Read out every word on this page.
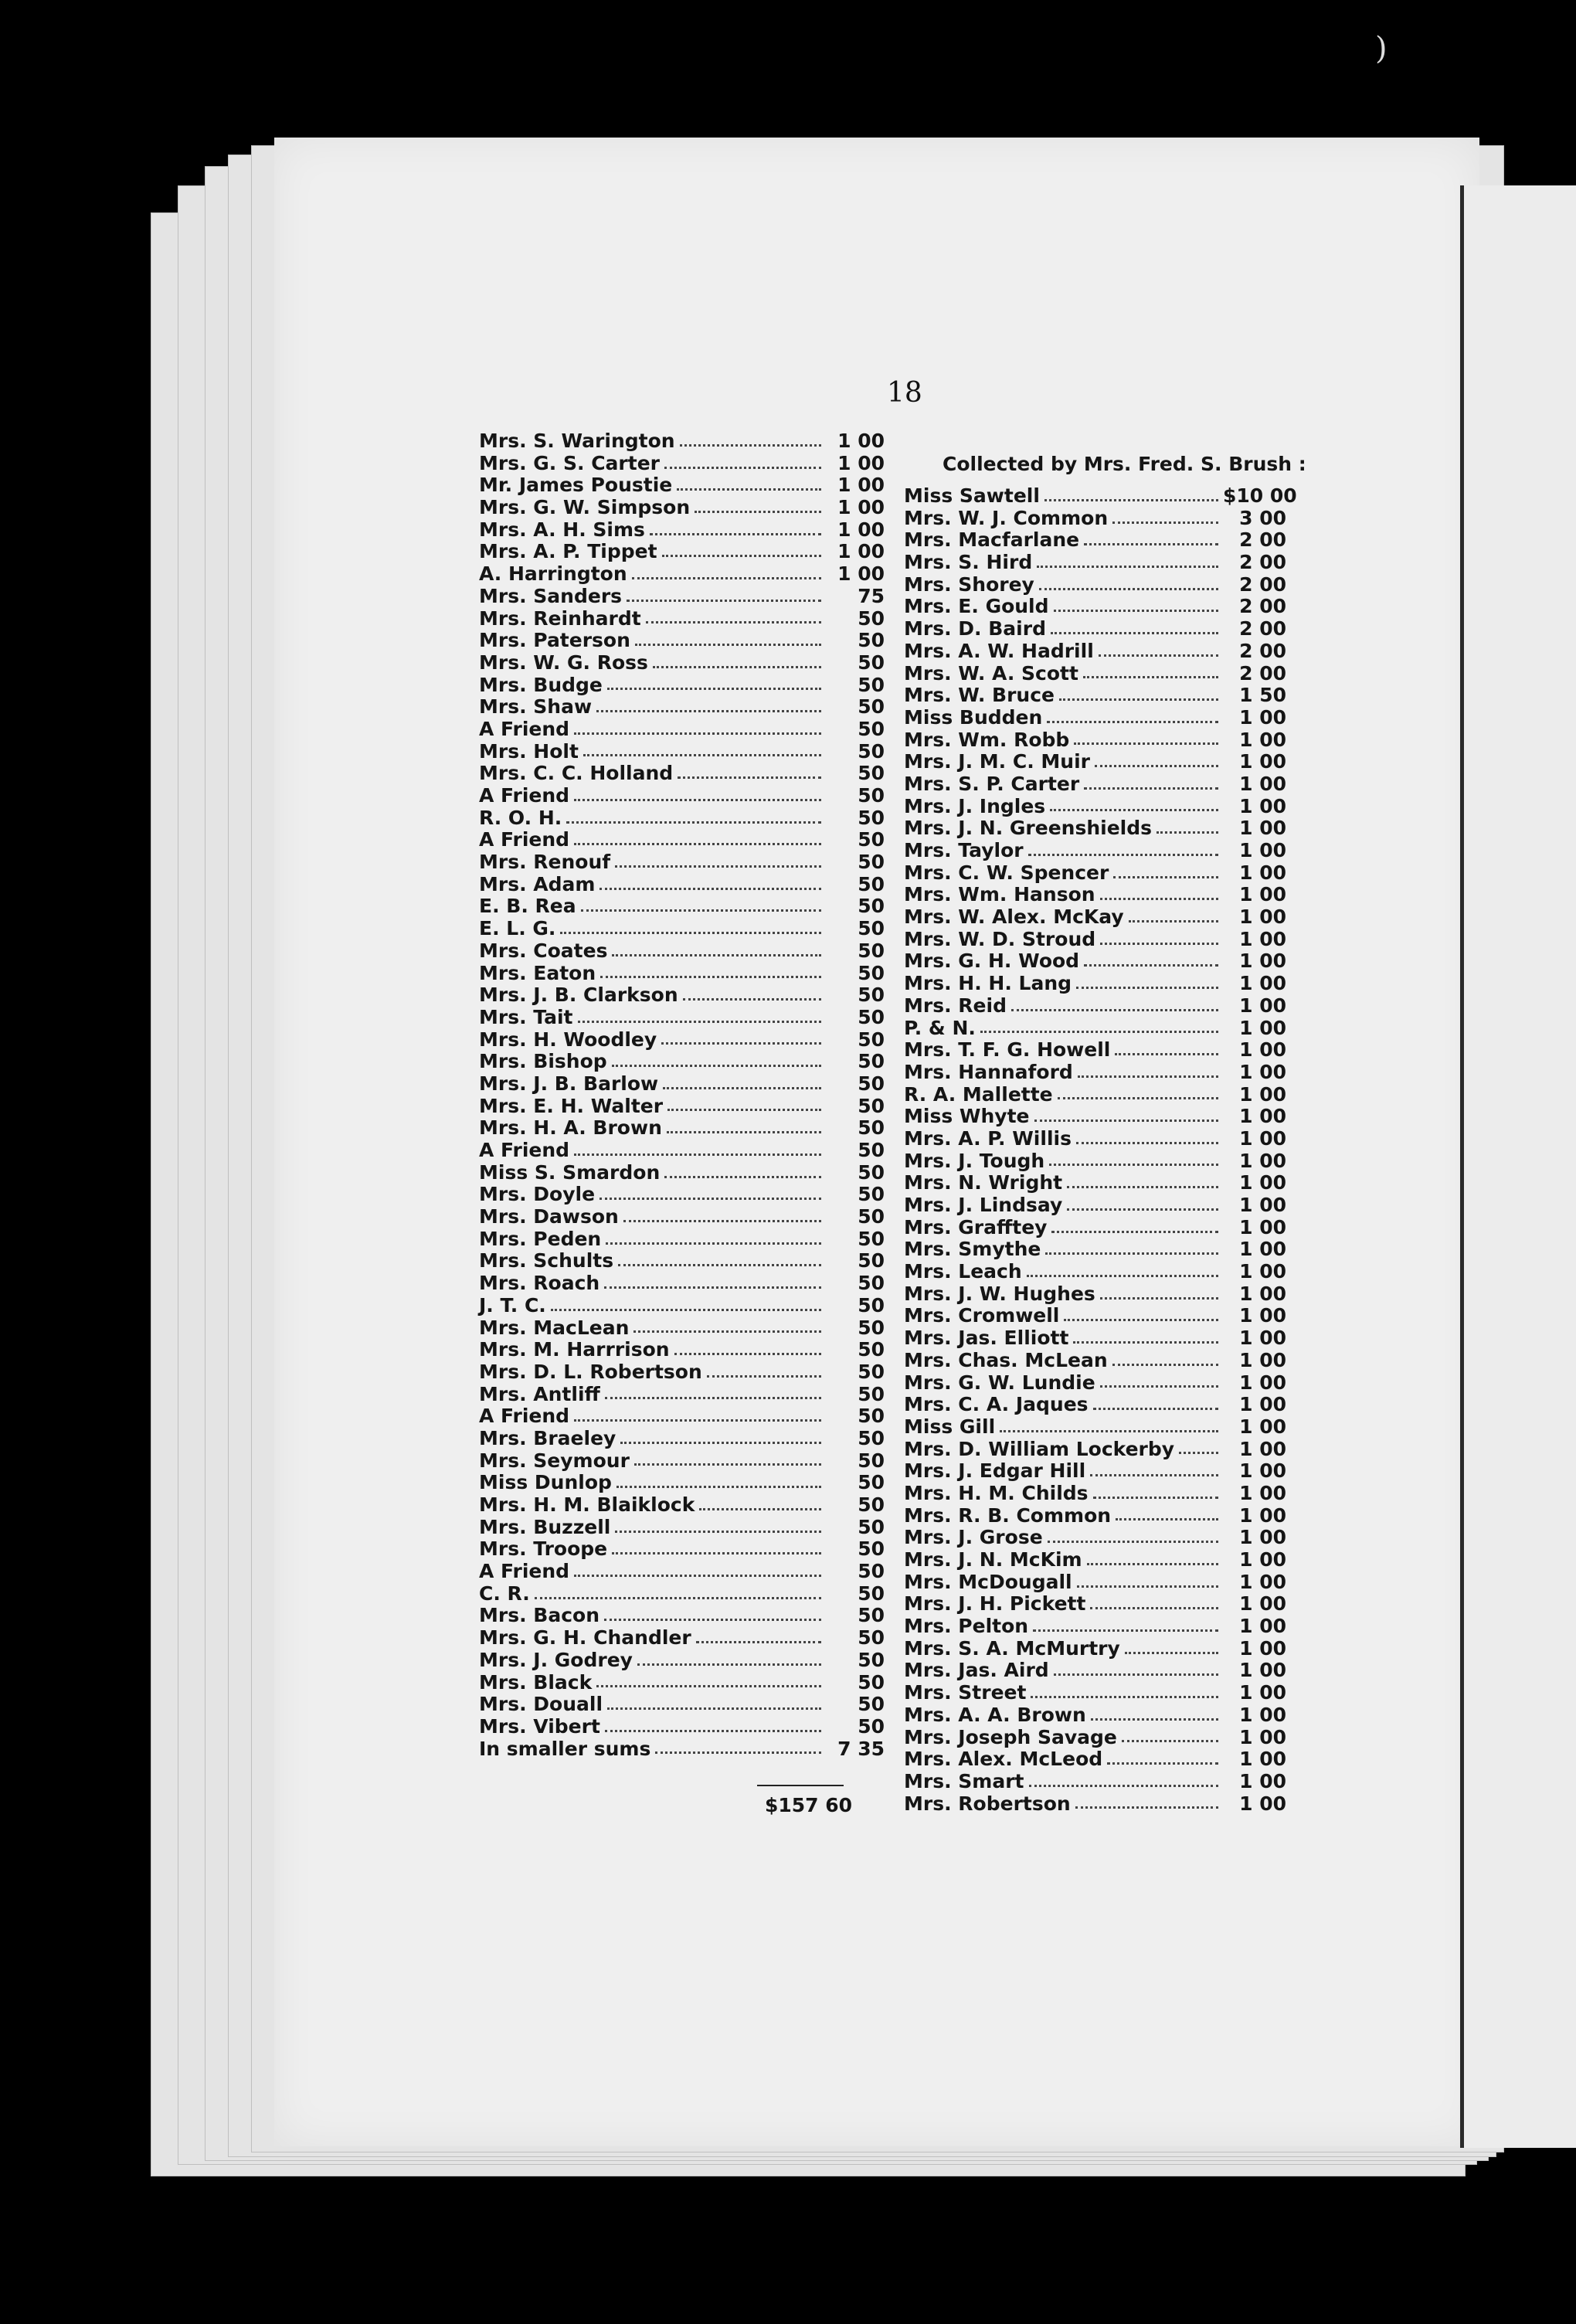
)
18
Mrs. S. Warington	1 00
Mrs. G. S. Carter	1 00
Mr. James Poustie	1 00
Mrs. G. W. Simpson	1 00
Mrs. A. H. Sims	1 00
Mrs. A. P. Tippet	1 00
A. Harrington	1 00
Mrs. Sanders	75
Mrs. Reinhardt	50
Mrs. Paterson	50
Mrs. W. G. Ross	50
Mrs. Budge	50
Mrs. Shaw	50
A Friend	50
Mrs. Holt	50
Mrs. C. C. Holland	50
A Friend	50
R. O. H.	50
A Friend	50
Mrs. Renouf	50
Mrs. Adam	50
E. B. Rea	50
E. L. G.	50
Mrs. Coates	50
Mrs. Eaton	50
Mrs. J. B. Clarkson	50
Mrs. Tait	50
Mrs. H. Woodley	50
Mrs. Bishop	50
Mrs. J. B. Barlow	50
Mrs. E. H. Walter	50
Mrs. H. A. Brown	50
A Friend	50
Miss S. Smardon	50
Mrs. Doyle	50
Mrs. Dawson	50
Mrs. Peden	50
Mrs. Schults	50
Mrs. Roach	50
J. T. C.	50
Mrs. MacLean	50
Mrs. M. Harrrison	50
Mrs. D. L. Robertson	50
Mrs. Antliff	50
A Friend	50
Mrs. Braeley	50
Mrs. Seymour	50
Miss Dunlop	50
Mrs. H. M. Blaiklock	50
Mrs. Buzzell	50
Mrs. Troope	50
A Friend	50
C. R.	50
Mrs. Bacon	50
Mrs. G. H. Chandler	50
Mrs. J. Godrey	50
Mrs. Black	50
Mrs. Douall	50
Mrs. Vibert	50
In smaller sums	7 35
$157 60
Collected by Mrs. Fred. S. Brush :
Miss Sawtell	$10 00
Mrs. W. J. Common	3 00
Mrs. Macfarlane	2 00
Mrs. S. Hird	2 00
Mrs. Shorey	2 00
Mrs. E. Gould	2 00
Mrs. D. Baird	2 00
Mrs. A. W. Hadrill	2 00
Mrs. W. A. Scott	2 00
Mrs. W. Bruce	1 50
Miss Budden	1 00
Mrs. Wm. Robb	1 00
Mrs. J. M. C. Muir	1 00
Mrs. S. P. Carter	1 00
Mrs. J. Ingles	1 00
Mrs. J. N. Greenshields	1 00
Mrs. Taylor	1 00
Mrs. C. W. Spencer	1 00
Mrs. Wm. Hanson	1 00
Mrs. W. Alex. McKay	1 00
Mrs. W. D. Stroud	1 00
Mrs. G. H. Wood	1 00
Mrs. H. H. Lang	1 00
Mrs. Reid	1 00
P. & N.	1 00
Mrs. T. F. G. Howell	1 00
Mrs. Hannaford	1 00
R. A. Mallette	1 00
Miss Whyte	1 00
Mrs. A. P. Willis	1 00
Mrs. J. Tough	1 00
Mrs. N. Wright	1 00
Mrs. J. Lindsay	1 00
Mrs. Grafftey	1 00
Mrs. Smythe	1 00
Mrs. Leach	1 00
Mrs. J. W. Hughes	1 00
Mrs. Cromwell	1 00
Mrs. Jas. Elliott	1 00
Mrs. Chas. McLean	1 00
Mrs. G. W. Lundie	1 00
Mrs. C. A. Jaques	1 00
Miss Gill	1 00
Mrs. D. William Lockerby	1 00
Mrs. J. Edgar Hill	1 00
Mrs. H. M. Childs	1 00
Mrs. R. B. Common	1 00
Mrs. J. Grose	1 00
Mrs. J. N. McKim	1 00
Mrs. McDougall	1 00
Mrs. J. H. Pickett	1 00
Mrs. Pelton	1 00
Mrs. S. A. McMurtry	1 00
Mrs. Jas. Aird	1 00
Mrs. Street	1 00
Mrs. A. A. Brown	1 00
Mrs. Joseph Savage	1 00
Mrs. Alex. McLeod	1 00
Mrs. Smart	1 00
Mrs. Robertson	1 00
